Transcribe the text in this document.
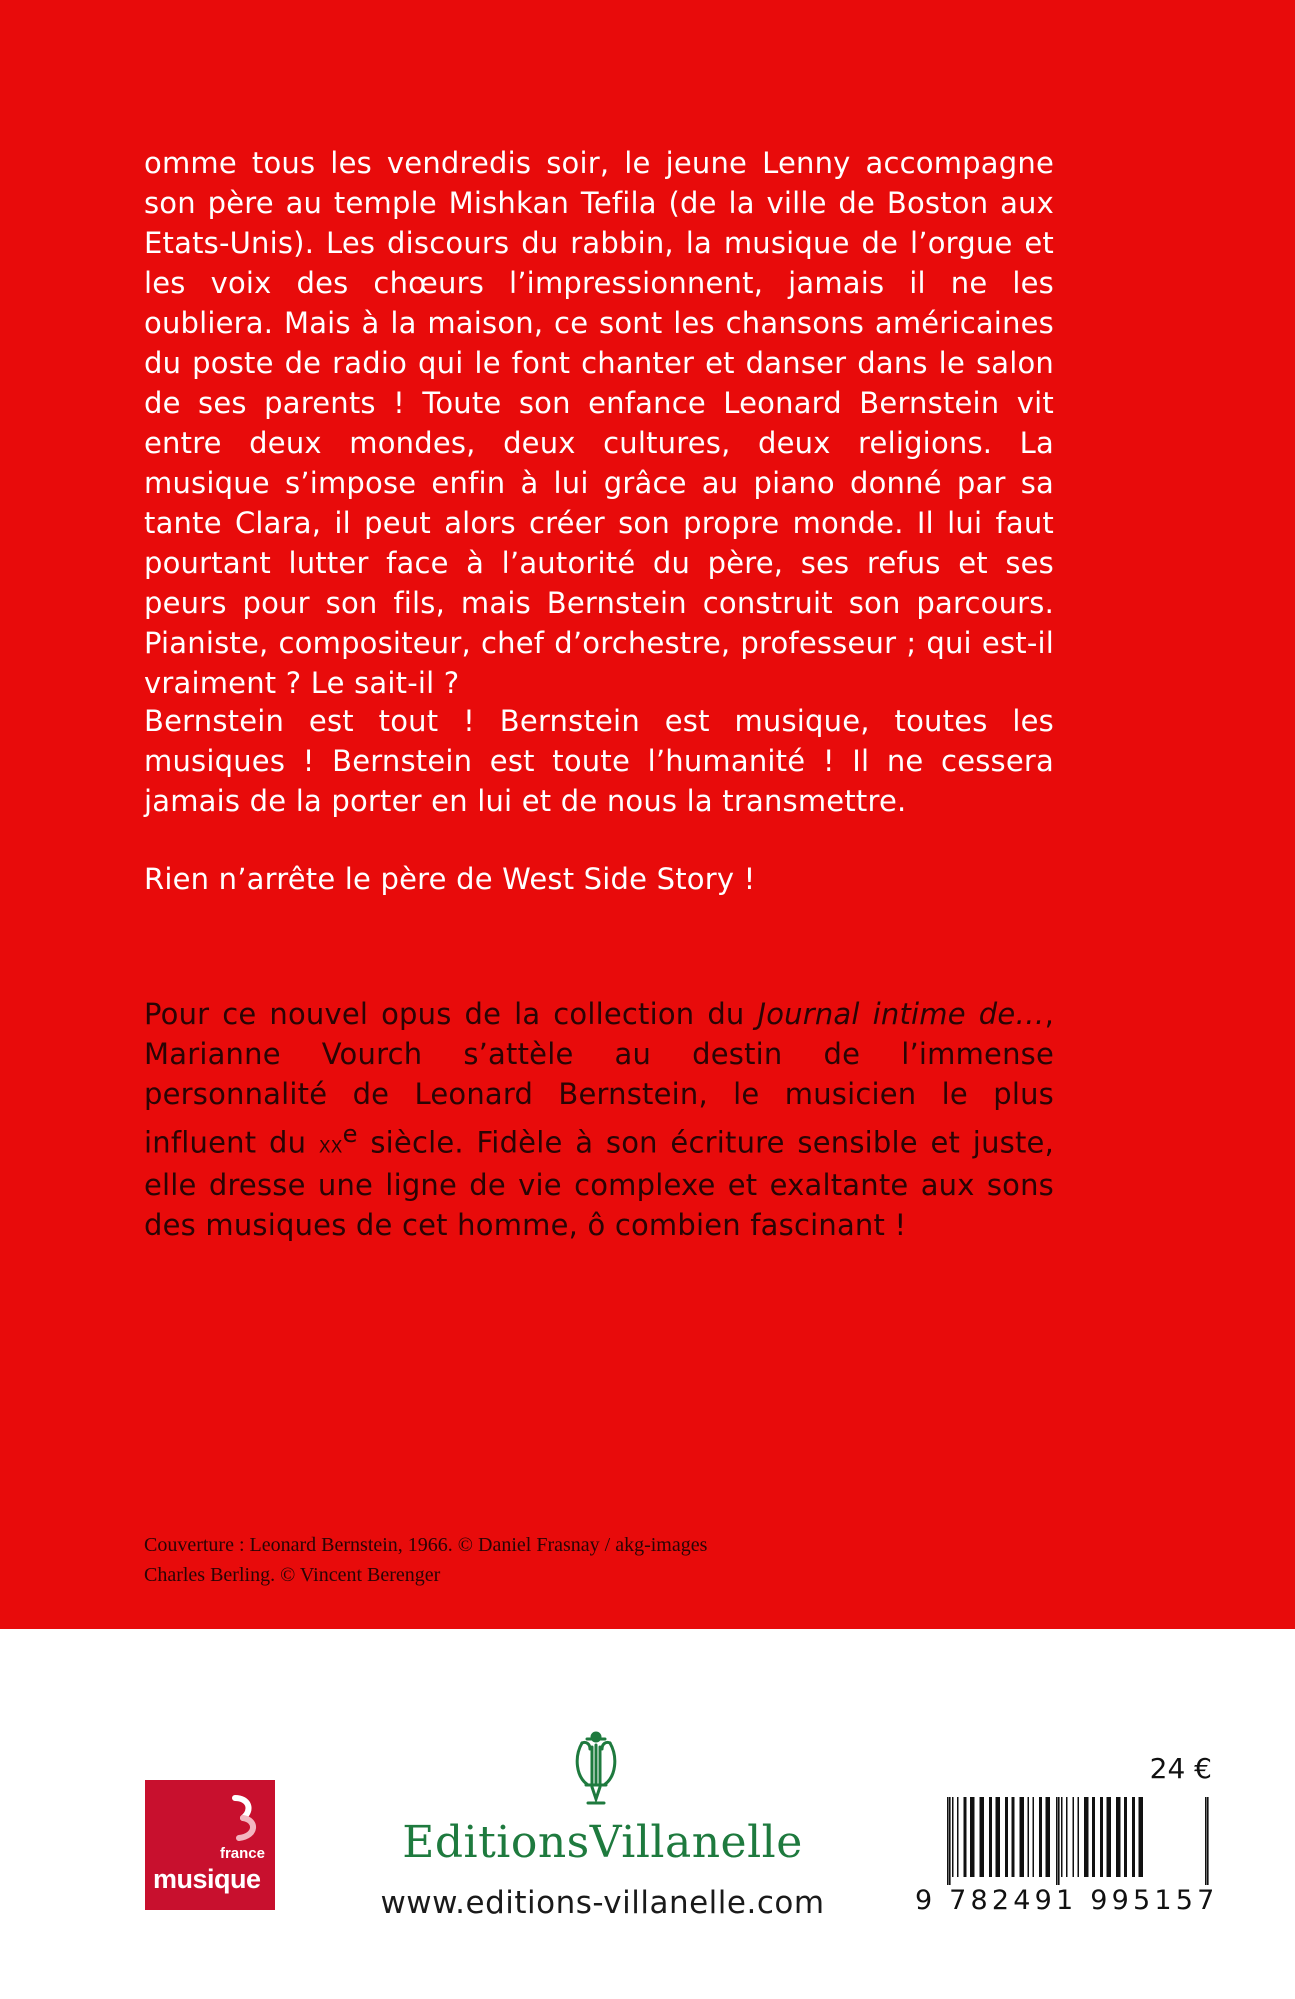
omme tous les vendredis soir, le jeune Lenny accompagne son père au temple Mishkan Tefila (de la ville de Boston aux Etats-Unis). Les discours du rabbin, la musique de l’orgue et les voix des chœurs l’impressionnent, jamais il ne les oubliera. Mais à la maison, ce sont les chansons américaines du poste de radio qui le font chanter et danser dans le salon de ses parents ! Toute son enfance Leonard Bernstein vit entre deux mondes, deux cultures, deux religions. La musique s’impose enfin à lui grâce au piano donné par sa tante Clara, il peut alors créer son propre monde. Il lui faut pourtant lutter face à l’autorité du père, ses refus et ses peurs pour son fils, mais Bernstein construit son parcours. Pianiste, compositeur, chef d’orchestre, professeur ; qui est-il vraiment ? Le sait-il ?

Bernstein est tout ! Bernstein est musique, toutes les musiques ! Bernstein est toute l’humanité ! Il ne cessera jamais de la porter en lui et de nous la transmettre.

Rien n’arrête le père de West Side Story !

Pour ce nouvel opus de la collection du Journal intime de…, Marianne Vourch s’attèle au destin de l’immense personnalité de Leonard Bernstein, le musicien le plus influent du $xx^e$ siècle. Fidèle à son écriture sensible et juste, elle dresse une ligne de vie complexe et exaltante aux sons des musiques de cet homme, ô combien fascinant !

Couverture : Leonard Bernstein, 1966. © Daniel Frasnay / akg-images
Charles Berling. © Vincent Berenger

france
musique

EditionsVillanelle

www.editions-villanelle.com

24 €

9 782491 995157
